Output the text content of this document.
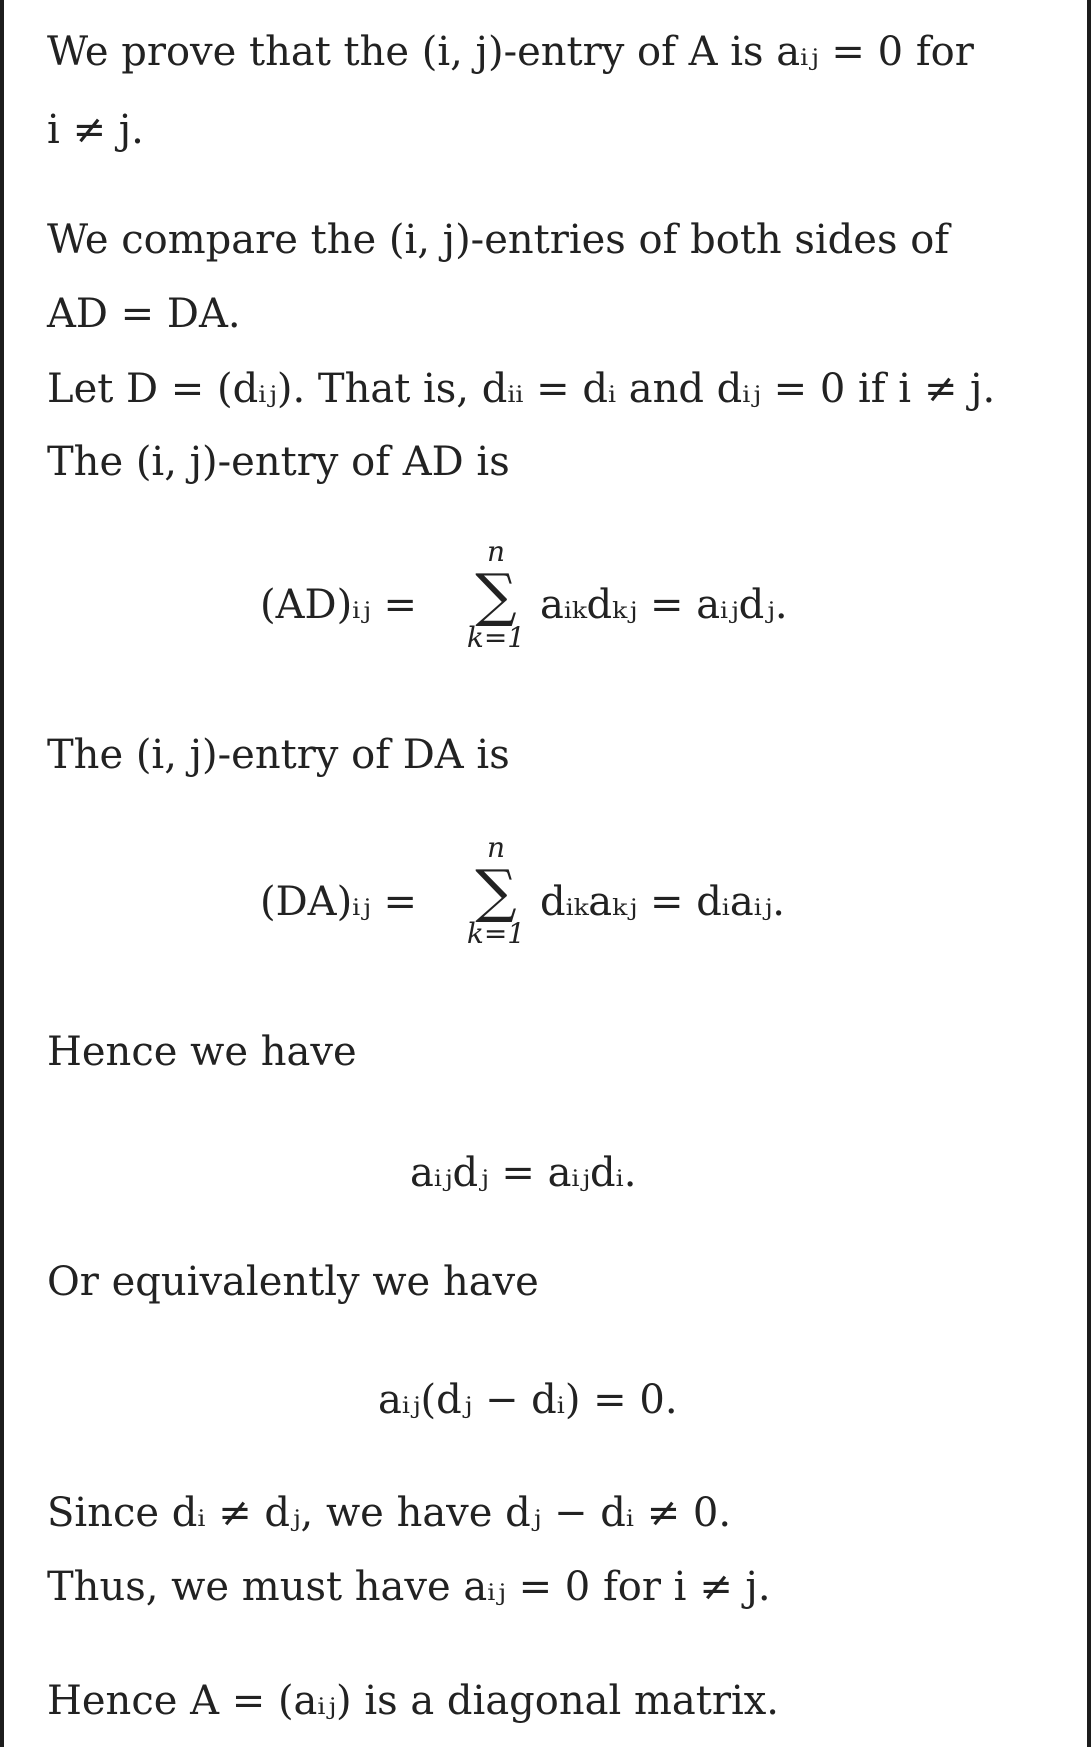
We prove that the (i, j)-entry of A is aᵢⱼ = 0 for
i ≠ j.
We compare the (i, j)-entries of both sides of
AD = DA.
Let D = (dᵢⱼ). That is, dᵢᵢ = dᵢ and dᵢⱼ = 0 if i ≠ j.
The (i, j)-entry of AD is
(AD)ᵢⱼ =
n
∑
k=1
aᵢₖdₖⱼ = aᵢⱼdⱼ.
The (i, j)-entry of DA is
(DA)ᵢⱼ =
n
∑
k=1
dᵢₖaₖⱼ = dᵢaᵢⱼ.
Hence we have
aᵢⱼdⱼ = aᵢⱼdᵢ.
Or equivalently we have
aᵢⱼ(dⱼ − dᵢ) = 0.
Since dᵢ ≠ dⱼ, we have dⱼ − dᵢ ≠ 0.
Thus, we must have aᵢⱼ = 0 for i ≠ j.
Hence A = (aᵢⱼ) is a diagonal matrix.
